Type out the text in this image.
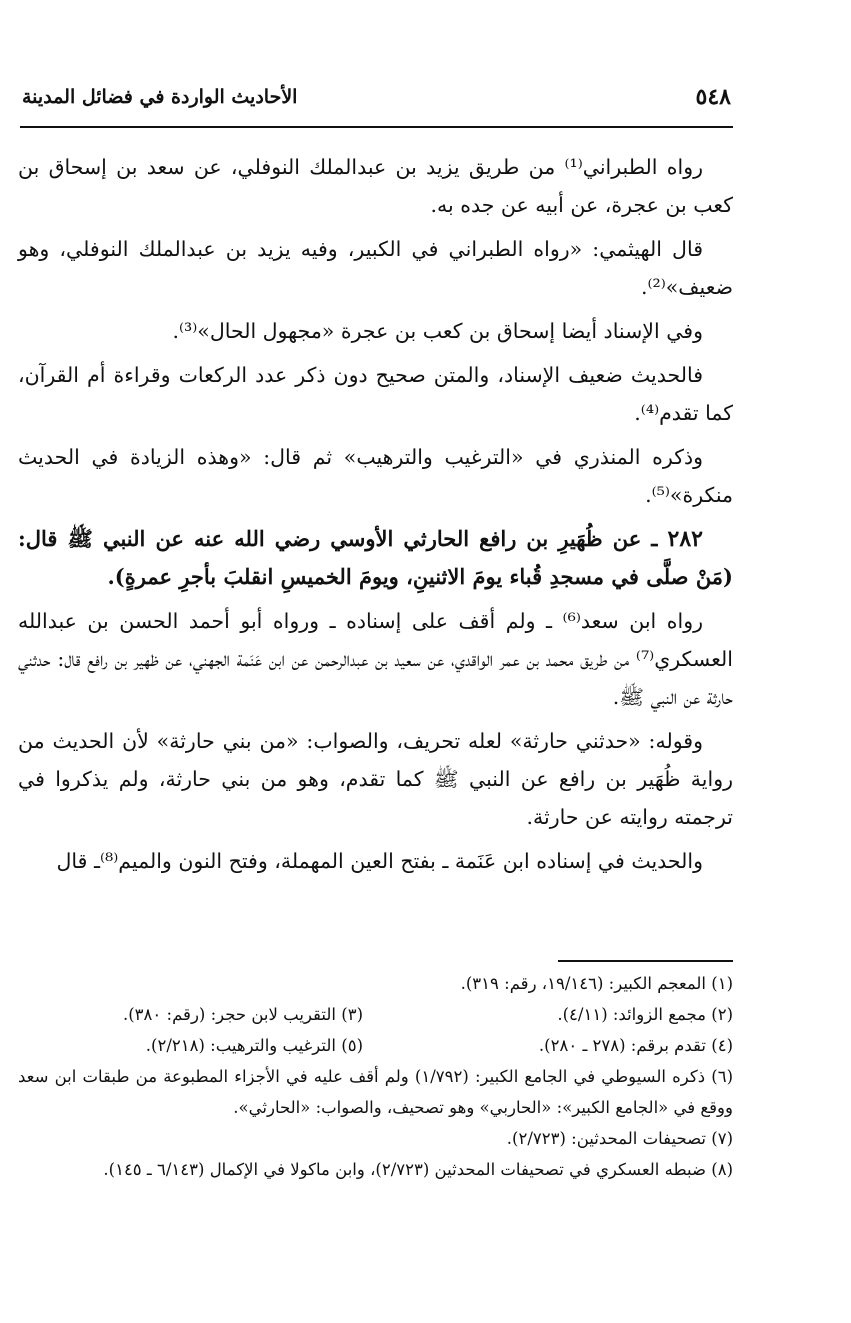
٥٤٨
الأحاديث الواردة في فضائل المدينة

رواه الطبراني⁽¹⁾ من طريق يزيد بن عبدالملك النوفلي، عن سعد بن إسحاق بن كعب بن عجرة، عن أبيه عن جده به.

قال الهيثمي: «رواه الطبراني في الكبير، وفيه يزيد بن عبدالملك النوفلي، وهو ضعيف»⁽²⁾.

وفي الإسناد أيضا إسحاق بن كعب بن عجرة «مجهول الحال»⁽³⁾.

فالحديث ضعيف الإسناد، والمتن صحيح دون ذكر عدد الركعات وقراءة أم القرآن، كما تقدم⁽⁴⁾.

وذكره المنذري في «الترغيب والترهيب» ثم قال: «وهذه الزيادة في الحديث منكرة»⁽⁵⁾.

٢٨٢ ـ عن ظُهَيرِ بن رافع الحارثي الأوسي رضي الله عنه عن النبي ﷺ قال: (مَنْ صلَّى في مسجدِ قُباء يومَ الاثنينِ، ويومَ الخميسِ انقلبَ بأجرِ عمرةٍ).

رواه ابن سعد⁽⁶⁾ ـ ولم أقف على إسناده ـ ورواه أبو أحمد الحسن بن عبدالله العسكري⁽⁷⁾ من طريق محمد بن عمر الواقدي، عن سعيد بن عبدالرحمن عن ابن عَنَمة الجهني، عن ظهير بن رافع قال: حدثني حارثة عن النبي ﷺ.

وقوله: «حدثني حارثة» لعله تحريف، والصواب: «من بني حارثة» لأن الحديث من رواية ظُهَير بن رافع عن النبي ﷺ كما تقدم، وهو من بني حارثة، ولم يذكروا في ترجمته روايته عن حارثة.

والحديث في إسناده ابن عَنَمة ـ بفتح العين المهملة، وفتح النون والميم⁽⁸⁾ـ قال

(١) المعجم الكبير: (١٩/١٤٦، رقم: ٣١٩).

(٢) مجمع الزوائد: (٤/١١).
(٣) التقريب لابن حجر: (رقم: ٣٨٠).
(٤) تقدم برقم: (٢٧٨ ـ ٢٨٠).
(٥) الترغيب والترهيب: (٢/٢١٨).

(٦) ذكره السيوطي في الجامع الكبير: (١/٧٩٢) ولم أقف عليه في الأجزاء المطبوعة من طبقات ابن سعد ووقع في «الجامع الكبير»: «الحاربي» وهو تصحيف، والصواب: «الحارثي».

(٧) تصحيفات المحدثين: (٢/٧٢٣).

(٨) ضبطه العسكري في تصحيفات المحدثين (٢/٧٢٣)، وابن ماكولا في الإكمال (٦/١٤٣ ـ ١٤٥).
